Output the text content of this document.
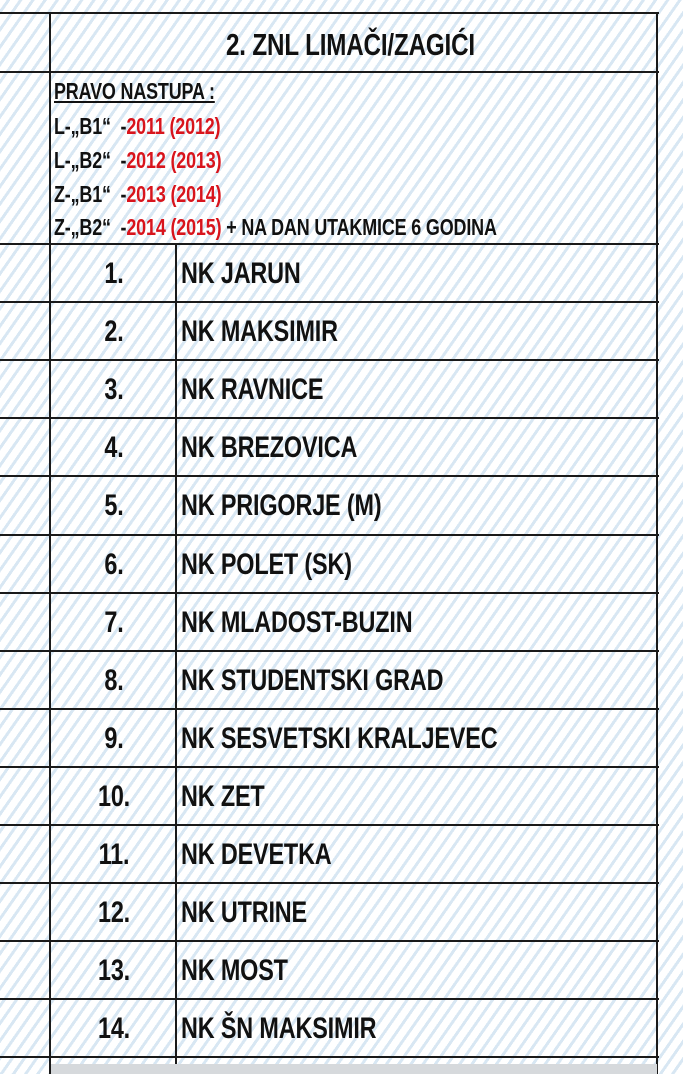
2. ZNL LIMAČI/ZAGIĆI
PRAVO NASTUPA :
L-„B1“  -2011 (2012)
L-„B2“  -2012 (2013)
Z-„B1“  -2013 (2014)
Z-„B2“  -2014 (2015) + NA DAN UTAKMICE 6 GODINA
1.	NK JARUN
2.	NK MAKSIMIR
3.	NK RAVNICE
4.	NK BREZOVICA
5.	NK PRIGORJE (M)
6.	NK POLET (SK)
7.	NK MLADOST-BUZIN
8.	NK STUDENTSKI GRAD
9.	NK SESVETSKI KRALJEVEC
10.	NK ZET
11.	NK DEVETKA
12.	NK UTRINE
13.	NK MOST
14.	NK ŠN MAKSIMIR
